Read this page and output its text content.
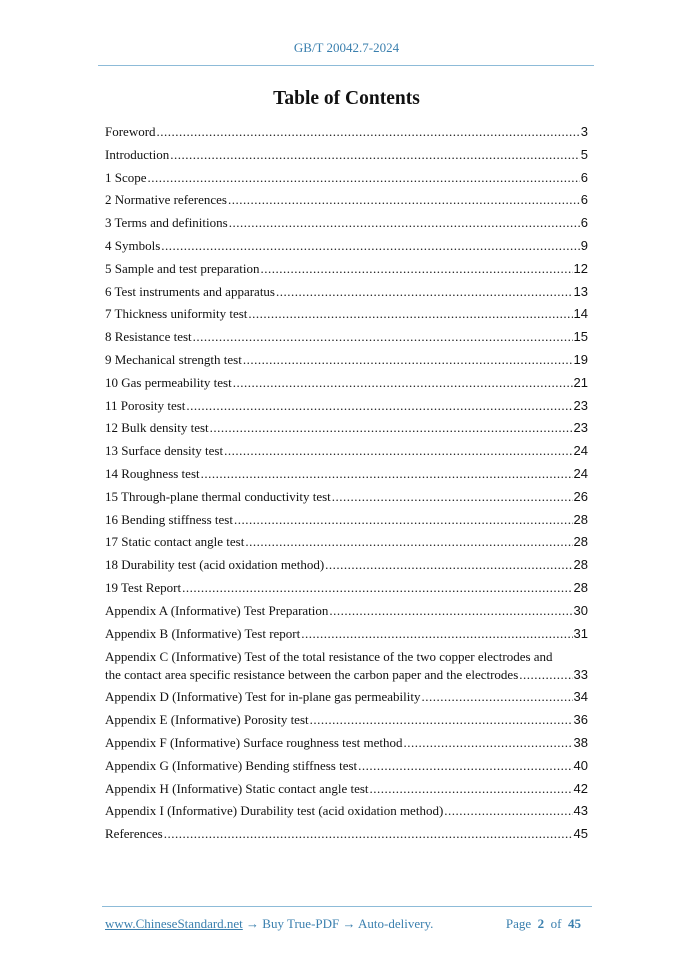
GB/T 20042.7-2024
Table of Contents
Foreword .....	3
Introduction .....	5
1 Scope .....	6
2 Normative references .....	6
3 Terms and definitions .....	6
4 Symbols .....	9
5 Sample and test preparation .....	12
6 Test instruments and apparatus .....	13
7 Thickness uniformity test .....	14
8 Resistance test .....	15
9 Mechanical strength test .....	19
10 Gas permeability test .....	21
11 Porosity test .....	23
12 Bulk density test .....	23
13 Surface density test .....	24
14 Roughness test .....	24
15 Through-plane thermal conductivity test .....	26
16 Bending stiffness test .....	28
17 Static contact angle test .....	28
18 Durability test (acid oxidation method) .....	28
19 Test Report .....	28
Appendix A (Informative) Test Preparation .....	30
Appendix B (Informative) Test report .....	31
Appendix C (Informative) Test of the total resistance of the two copper electrodes and
the contact area specific resistance between the carbon paper and the electrodes .....	33
Appendix D (Informative) Test for in-plane gas permeability .....	34
Appendix E (Informative) Porosity test .....	36
Appendix F (Informative) Surface roughness test method .....	38
Appendix G (Informative) Bending stiffness test .....	40
Appendix H (Informative) Static contact angle test .....	42
Appendix I (Informative) Durability test (acid oxidation method) .....	43
References .....	45
www.ChineseStandard.net → Buy True-PDF → Auto-delivery.	Page 2 of 45
